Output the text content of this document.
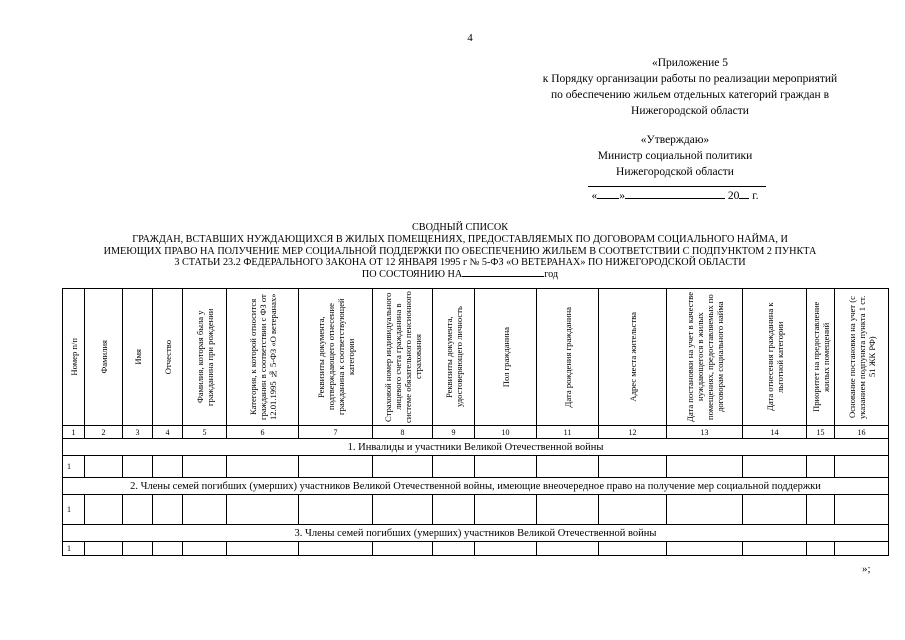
4
«Приложение 5
к Порядку организации работы по реализации мероприятий
по обеспечению жильем отдельных категорий граждан в
Нижегородской области
«Утверждаю»
Министр социальной политики
Нижегородской области
« »	20 г.
СВОДНЫЙ СПИСОК
ГРАЖДАН, ВСТАВШИХ НУЖДАЮЩИХСЯ В ЖИЛЫХ ПОМЕЩЕНИЯХ, ПРЕДОСТАВЛЯЕМЫХ ПО ДОГОВОРАМ СОЦИАЛЬНОГО НАЙМА, И
ИМЕЮЩИХ ПРАВО НА ПОЛУЧЕНИЕ МЕР СОЦИАЛЬНОЙ ПОДДЕРЖКИ ПО ОБЕСПЕЧЕНИЮ ЖИЛЬЕМ В СООТВЕТСТВИИ С ПОДПУНКТОМ 2 ПУНКТА
3 СТАТЬИ 23.2 ФЕДЕРАЛЬНОГО ЗАКОНА ОТ 12 ЯНВАРЯ 1995 г № 5-ФЗ «О ВЕТЕРАНАХ» ПО НИЖЕГОРОДСКОЙ ОБЛАСТИ
ПО СОСТОЯНИЮ НА	год
Номер п/п	Фамилия	Имя	Отчество	Фамилия, которая была у гражданина при рождении	Категория, к которой относится гражданин в соответствии с ФЗ от 12.01.1995 № 5-ФЗ «О ветеранах»	Реквизиты документа, подтверждающего отнесение гражданина к соответствующей категории	Страховой номер индивидуального лицевого счета гражданина в системе обязательного пенсионного страхования	Реквизиты документа, удостоверяющего личность	Пол гражданина	Дата рождения гражданина	Адрес места жительства	Дата постановки на учет в качестве нуждающегося в жилых помещениях, предоставляемых по договорам социального найма	Дата отнесения гражданина к льготной категории	Приоритет на предоставление жилых помещений	Основание постановки на учет (с указанием подпункта пункта 1 ст. 51 ЖК РФ)

1	2	3	4	5	6	7	8	9	10	11	12	13	14	15	16
1. Инвалиды и участники Великой Отечественной войны															
1															
2. Члены семей погибших (умерших) участников Великой Отечественной войны, имеющие внеочередное право на получение мер социальной поддержки															
1															
3. Члены семей погибших (умерших) участников Великой Отечественной войны															
1															
»;
